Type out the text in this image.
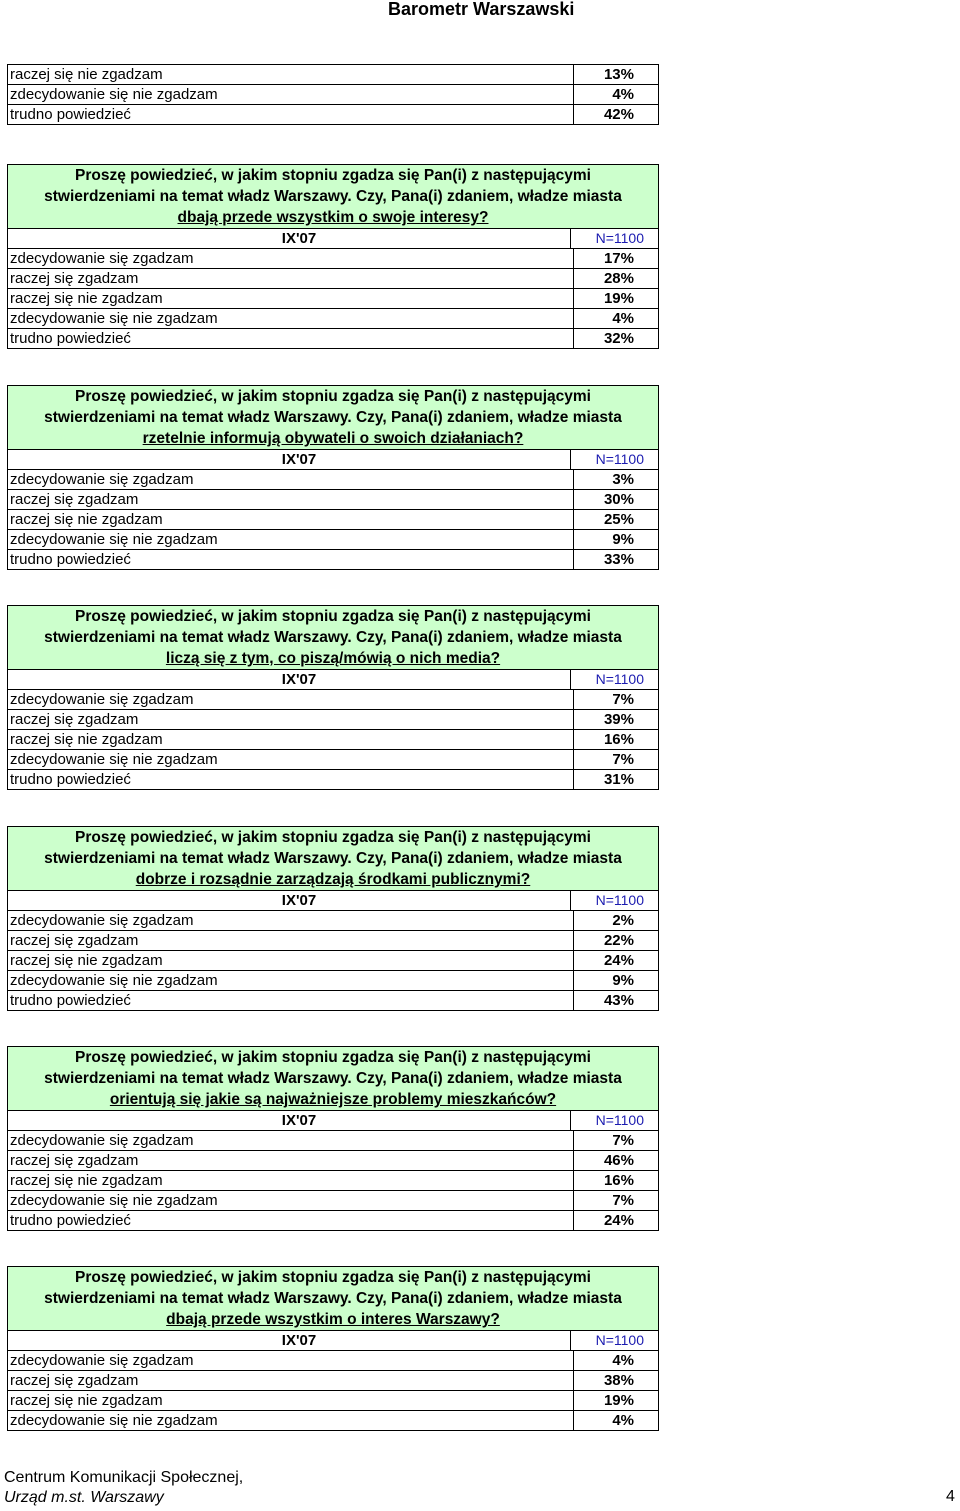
Barometr Warszawski
raczej się nie zgadzam	13%
zdecydowanie się nie zgadzam	4%
trudno powiedzieć	42%
Proszę powiedzieć, w jakim stopniu zgadza się Pan(i) z następującymi
stwierdzeniami na temat władz Warszawy. Czy, Pana(i) zdaniem, władze miasta
dbają przede wszystkim o swoje interesy?
IX'07	N=1100
zdecydowanie się zgadzam	17%
raczej się zgadzam	28%
raczej się nie zgadzam	19%
zdecydowanie się nie zgadzam	4%
trudno powiedzieć	32%
Proszę powiedzieć, w jakim stopniu zgadza się Pan(i) z następującymi
stwierdzeniami na temat władz Warszawy. Czy, Pana(i) zdaniem, władze miasta
rzetelnie informują obywateli o swoich działaniach?
IX'07	N=1100
zdecydowanie się zgadzam	3%
raczej się zgadzam	30%
raczej się nie zgadzam	25%
zdecydowanie się nie zgadzam	9%
trudno powiedzieć	33%
Proszę powiedzieć, w jakim stopniu zgadza się Pan(i) z następującymi
stwierdzeniami na temat władz Warszawy. Czy, Pana(i) zdaniem, władze miasta
liczą się z tym, co piszą/mówią o nich media?
IX'07	N=1100
zdecydowanie się zgadzam	7%
raczej się zgadzam	39%
raczej się nie zgadzam	16%
zdecydowanie się nie zgadzam	7%
trudno powiedzieć	31%
Proszę powiedzieć, w jakim stopniu zgadza się Pan(i) z następującymi
stwierdzeniami na temat władz Warszawy. Czy, Pana(i) zdaniem, władze miasta
dobrze i rozsądnie zarządzają środkami publicznymi?
IX'07	N=1100
zdecydowanie się zgadzam	2%
raczej się zgadzam	22%
raczej się nie zgadzam	24%
zdecydowanie się nie zgadzam	9%
trudno powiedzieć	43%
Proszę powiedzieć, w jakim stopniu zgadza się Pan(i) z następującymi
stwierdzeniami na temat władz Warszawy. Czy, Pana(i) zdaniem, władze miasta
orientują się jakie są najważniejsze problemy mieszkańców?
IX'07	N=1100
zdecydowanie się zgadzam	7%
raczej się zgadzam	46%
raczej się nie zgadzam	16%
zdecydowanie się nie zgadzam	7%
trudno powiedzieć	24%
Proszę powiedzieć, w jakim stopniu zgadza się Pan(i) z następującymi
stwierdzeniami na temat władz Warszawy. Czy, Pana(i) zdaniem, władze miasta
dbają przede wszystkim o interes Warszawy?
IX'07	N=1100
zdecydowanie się zgadzam	4%
raczej się zgadzam	38%
raczej się nie zgadzam	19%
zdecydowanie się nie zgadzam	4%
Centrum Komunikacji Społecznej,
Urząd m.st. Warszawy	4
